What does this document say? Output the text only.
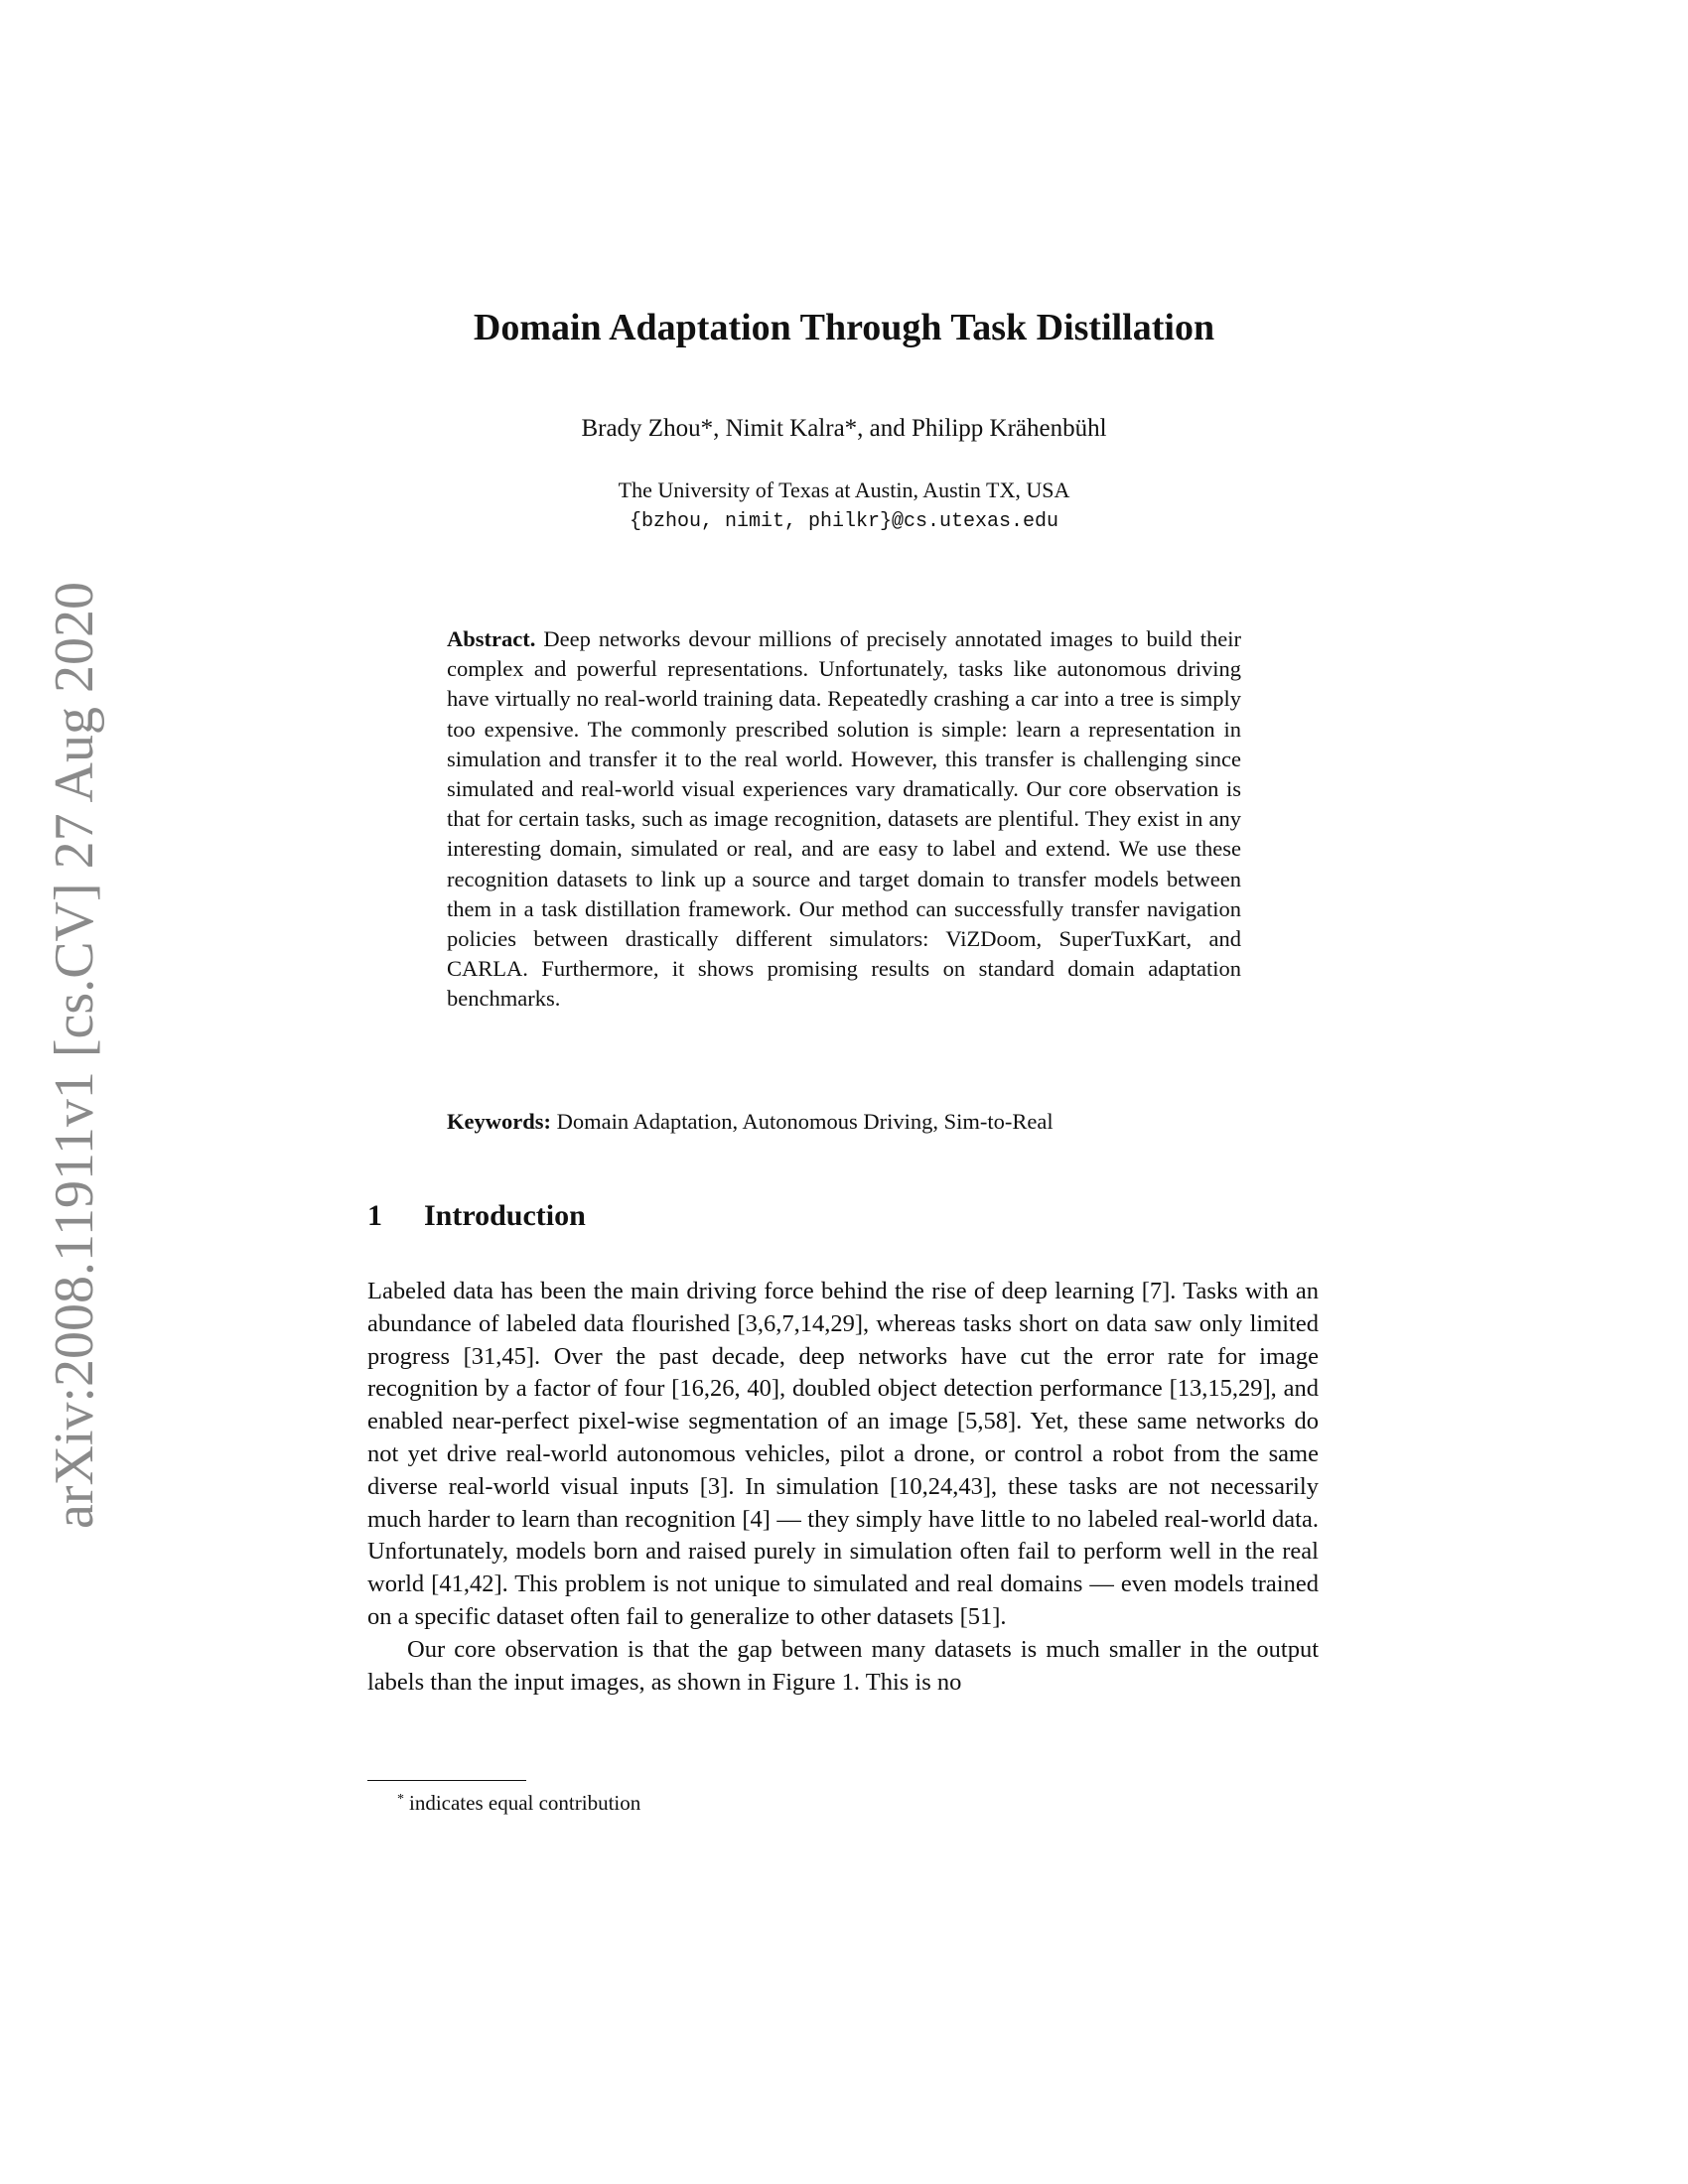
arXiv:2008.11911v1 [cs.CV] 27 Aug 2020
Domain Adaptation Through Task Distillation
Brady Zhou*, Nimit Kalra*, and Philipp Krähenbühl
The University of Texas at Austin, Austin TX, USA
{bzhou, nimit, philkr}@cs.utexas.edu
Abstract. Deep networks devour millions of precisely annotated images to build their complex and powerful representations. Unfortunately, tasks like autonomous driving have virtually no real-world training data. Repeatedly crashing a car into a tree is simply too expensive. The commonly prescribed solution is simple: learn a representation in simulation and transfer it to the real world. However, this transfer is challenging since simulated and real-world visual experiences vary dramatically. Our core observation is that for certain tasks, such as image recognition, datasets are plentiful. They exist in any interesting domain, simulated or real, and are easy to label and extend. We use these recognition datasets to link up a source and target domain to transfer models between them in a task distillation framework. Our method can successfully transfer navigation policies between drastically different simulators: ViZDoom, SuperTuxKart, and CARLA. Furthermore, it shows promising results on standard domain adaptation benchmarks.
Keywords: Domain Adaptation, Autonomous Driving, Sim-to-Real
1 Introduction

Labeled data has been the main driving force behind the rise of deep learning [7]. Tasks with an abundance of labeled data flourished [3,6,7,14,29], whereas tasks short on data saw only limited progress [31,45]. Over the past decade, deep networks have cut the error rate for image recognition by a factor of four [16,26, 40], doubled object detection performance [13,15,29], and enabled near-perfect pixel-wise segmentation of an image [5,58]. Yet, these same networks do not yet drive real-world autonomous vehicles, pilot a drone, or control a robot from the same diverse real-world visual inputs [3]. In simulation [10,24,43], these tasks are not necessarily much harder to learn than recognition [4] — they simply have little to no labeled real-world data. Unfortunately, models born and raised purely in simulation often fail to perform well in the real world [41,42]. This problem is not unique to simulated and real domains — even models trained on a specific dataset often fail to generalize to other datasets [51].

Our core observation is that the gap between many datasets is much smaller in the output labels than the input images, as shown in Figure 1. This is no

* indicates equal contribution
